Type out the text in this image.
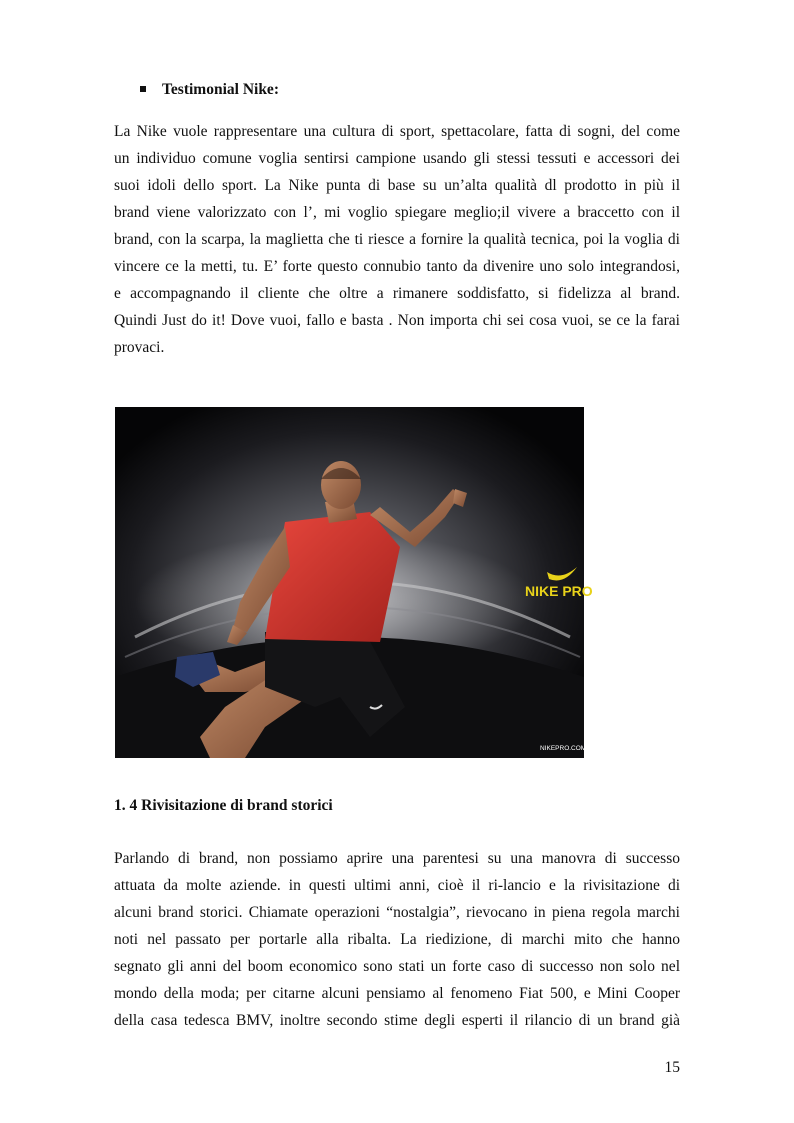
Testimonial Nike:
La Nike vuole rappresentare una cultura di sport, spettacolare, fatta di sogni, del come
un individuo comune voglia sentirsi campione usando gli stessi tessuti e accessori dei
suoi idoli dello sport. La Nike punta di base su un’alta qualità dl prodotto in più il
brand viene valorizzato con l’, mi voglio spiegare meglio;il vivere a braccetto con il
brand, con la scarpa, la maglietta che ti riesce a fornire la qualità tecnica, poi la voglia di
vincere ce la metti, tu. E’ forte questo connubio tanto da divenire uno solo integrandosi,
e accompagnando il cliente che oltre a rimanere soddisfatto, si fidelizza al brand.
Quindi Just do it! Dove vuoi, fallo e basta . Non importa chi sei cosa vuoi, se ce la farai
provaci.
NIKE PRO
NIKEPRO.COM
1. 4 Rivisitazione di brand storici
Parlando di brand, non possiamo aprire una parentesi su una manovra di successo
attuata da molte aziende. in questi ultimi anni, cioè il ri-lancio e la rivisitazione di
alcuni brand storici. Chiamate operazioni “nostalgia”, rievocano in piena regola marchi
noti nel passato per portarle alla ribalta. La riedizione, di marchi mito che hanno
segnato gli anni del boom economico sono stati un forte caso di successo non solo nel
mondo della moda; per citarne alcuni pensiamo al fenomeno Fiat 500, e Mini Cooper
della casa tedesca BMV, inoltre secondo stime degli esperti il rilancio di un brand già
15
